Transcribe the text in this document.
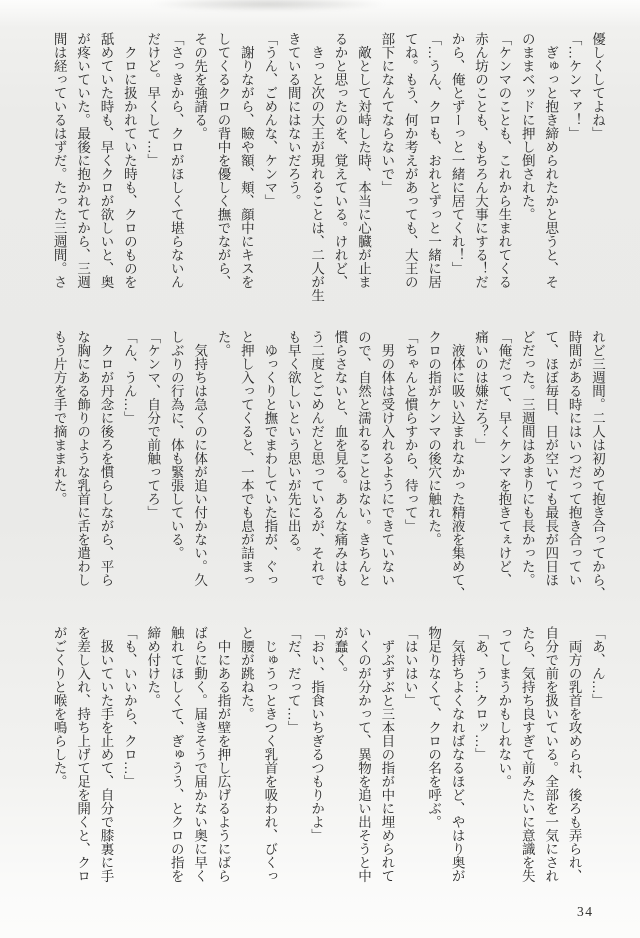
優しくしてよね」

「…ケンマァ！」

　ぎゅっと抱き締められたかと思うと、そ

のままベッドに押し倒された。

「ケンマのことも、これから生まれてくる

赤ん坊のことも、もちろん大事にする！だ

から、俺とずーっと一緒に居てくれ！」

「…うん、クロも、おれとずっと一緒に居

てね。もう、何か考えがあっても、大王の

部下になんてならないで」

　敵として対峙した時、本当に心臓が止ま

るかと思ったのを、覚えている。けれど、

　きっと次の大王が現れることは、二人が生

きている間にはないだろう。

「うん、ごめんな、ケンマ」

　謝りながら、瞼や額、頬、顔中にキスを

してくるクロの背中を優しく撫でながら、

その先を強請る。

「さっきから、クロがほしくて堪らないん

だけど。早くして…」

　クロに扱かれていた時も、クロのものを

舐めていた時も、早くクロが欲しいと、奥

が疼いていた。最後に抱かれてから、三週

間は経っているはずだ。たった三週間。さ

れど三週間。二人は初めて抱き合ってから、

時間がある時にはいつだって抱き合ってい

て、ほぼ毎日、日が空いても最長が四日ほ

どだった。三週間はあまりにも長かった。

「俺だって、早くケンマを抱きてぇけど、

痛いのは嫌だろ？」

　液体に吸い込まれなかった精液を集めて、

クロの指がケンマの後穴に触れた。

「ちゃんと慣らすから、待って」

　男の体は受け入れるようにできていない

ので、自然と濡れることはない。きちんと

慣らさないと、血を見る。あんな痛みはも

う二度とごめんだと思っているが、それで

も早く欲しいという思いが先に出る。

　ゆっくりと撫でまわしていた指が、ぐっ

と押し入ってくると、一本でも息が詰まっ

た。

　気持ちは急くのに体が追い付かない。久

しぶりの行為に、体も緊張している。

「ケンマ、自分で前触ってろ」

「ん、うん…」

　クロが丹念に後ろを慣らしながら、平ら

な胸にある飾りのような乳首に舌を遣わし

もう片方を手で摘ままれた。

「あ、ん…」

　両方の乳首を攻められ、後ろも弄られ、

自分で前を扱いている。全部を一気にされ

たら、気持ち良すぎて前みたいに意識を失

ってしまうかもしれない。

「あ、う…クロッ…」

　気持ちよくなればなるほど、やはり奥が

物足りなくて、クロの名を呼ぶ。

「はいはい」

　ずぶずぶと三本目の指が中に埋められて

いくのが分かって、異物を追い出そうと中

が蠢く。

「おい、指食いちぎるつもりかよ」

「だ、だって…」

　じゅうっときつく乳首を吸われ、びくっ

と腰が跳ねた。

　中にある指が壁を押し広げるようにばら

ばらに動く。届きそうで届かない奥に早く

触れてほしくて、ぎゅうう、とクロの指を

締め付けた。

「も、いいから、クロ…」

　扱いていた手を止めて、自分で膝裏に手

を差し入れ、持ち上げて足を開くと、クロ

がごくりと喉を鳴らした。

34
